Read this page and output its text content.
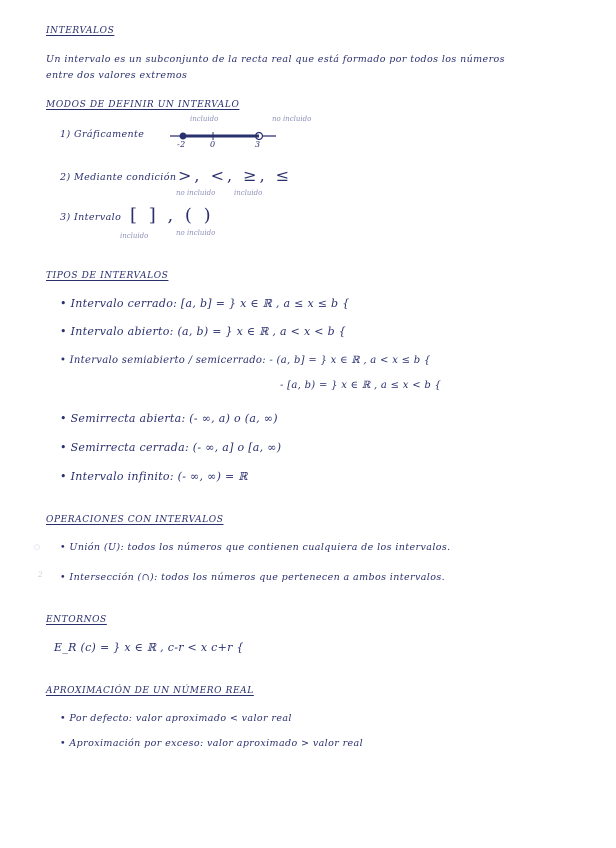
INTERVALOS
Un intervalo es un subconjunto de la recta real que está formado por todos los números
entre dos valores extremos
MODOS DE DEFINIR UN INTERVALO
1) Gráficamente
incluido	no incluido
-2	0	3
2) Mediante condición >, <, ≥, ≤
no incluido	incluido
3) Intervalo [ ] , ( )
incluido	no incluido
TIPOS DE INTERVALOS
• Intervalo cerrado: [a, b] = } x ∈ ℝ , a ≤ x ≤ b {
• Intervalo abierto: (a, b) = } x ∈ ℝ , a < x < b {
• Intervalo semiabierto / semicerrado: - (a, b] = } x ∈ ℝ , a < x ≤ b {
- [a, b) = } x ∈ ℝ , a ≤ x < b {
• Semirrecta abierta: (- ∞, a) o (a, ∞)
• Semirrecta cerrada: (- ∞, a] o [a, ∞)
• Intervalo infinito: (- ∞, ∞) = ℝ
OPERACIONES CON INTERVALOS
○ • Unión (U): todos los números que contienen cualquiera de los intervalos.
2 • Intersección (∩): todos los números que pertenecen a ambos intervalos.
ENTORNOS
E_R (c) = } x ∈ ℝ , c-r < x c+r {
APROXIMACIÓN DE UN NÚMERO REAL
• Por defecto: valor aproximado < valor real
• Aproximación por exceso: valor aproximado > valor real
